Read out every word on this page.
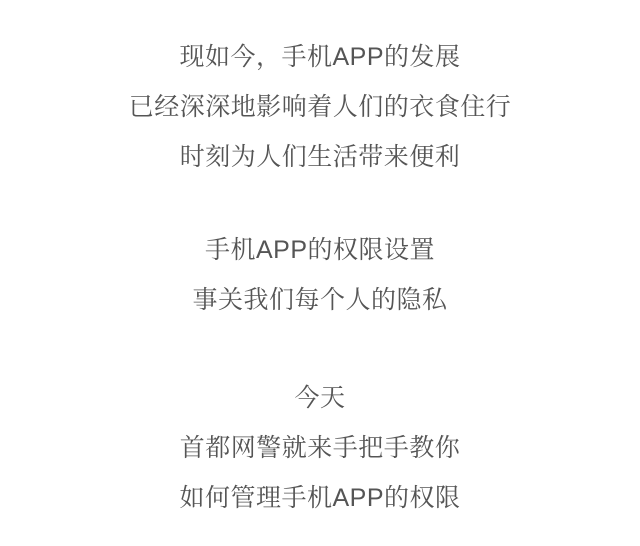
现如今，手机APP的发展

已经深深地影响着人们的衣食住行

时刻为人们生活带来便利

手机APP的权限设置

事关我们每个人的隐私

今天

首都网警就来手把手教你

如何管理手机APP的权限
